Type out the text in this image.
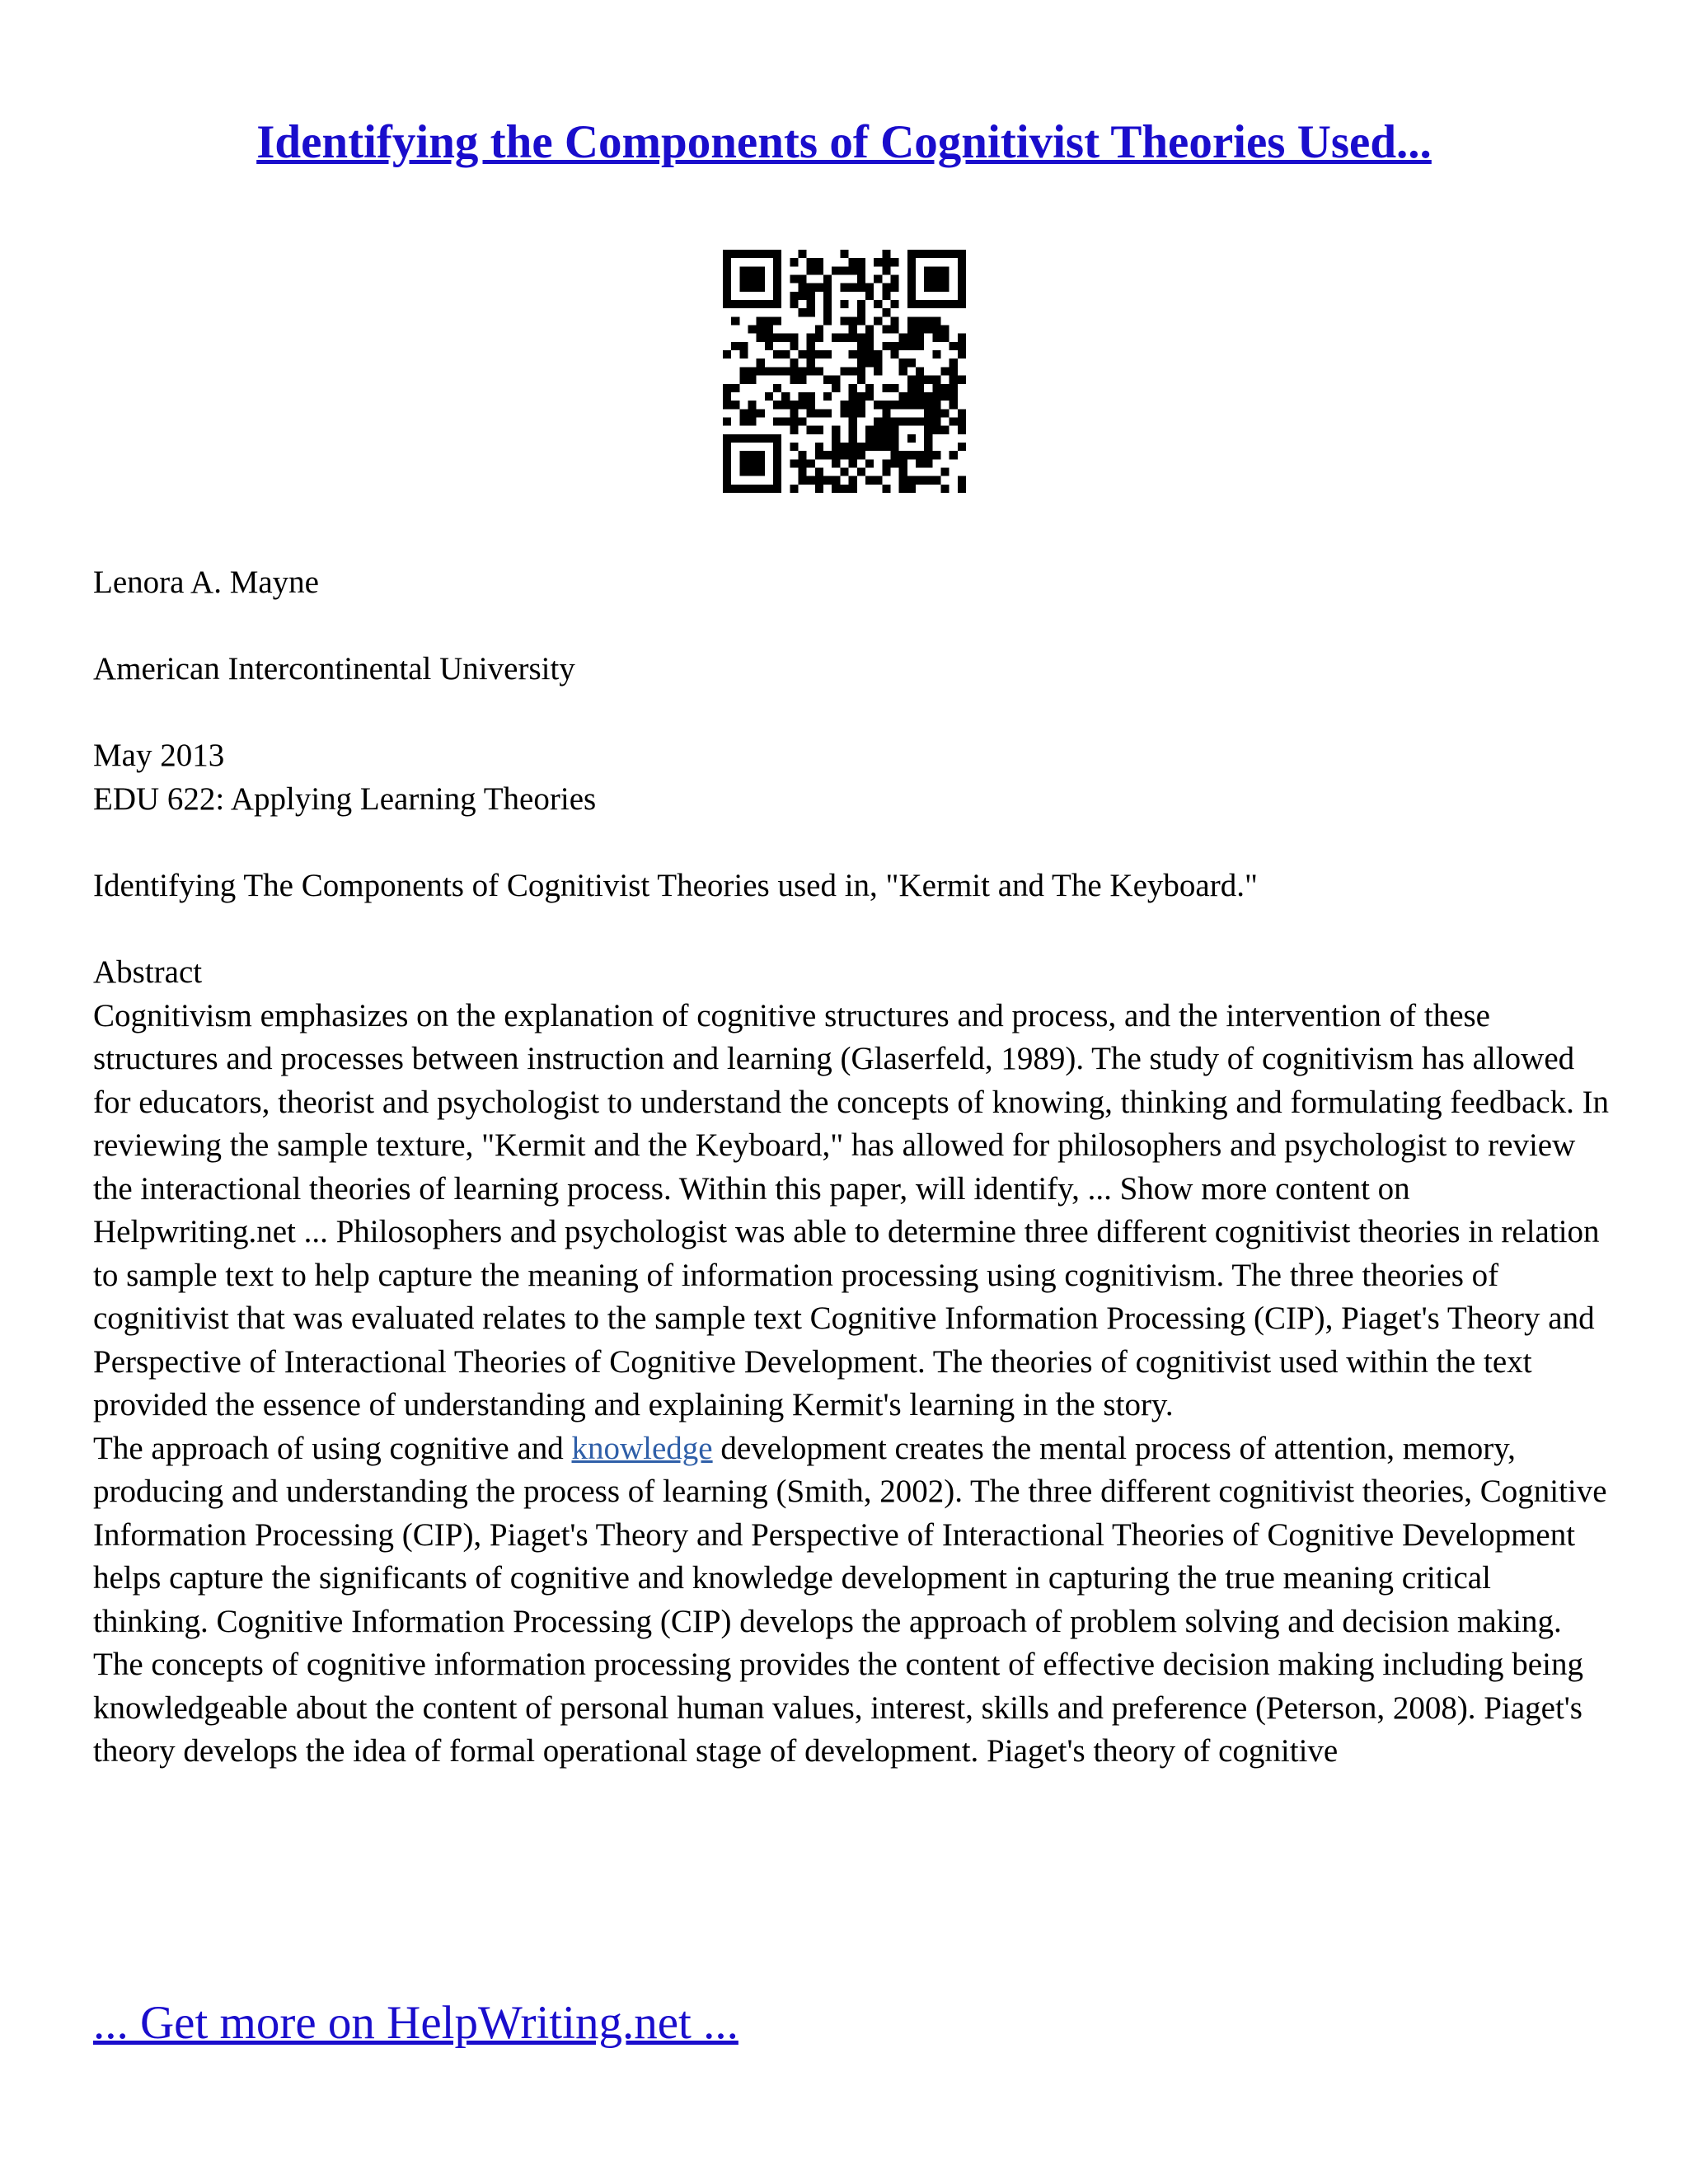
Identifying the Components of Cognitivist Theories Used...

Lenora A. Mayne

American Intercontinental University

May 2013
EDU 622: Applying Learning Theories

Identifying The Components of Cognitivist Theories used in, "Kermit and The Keyboard."

Abstract
Cognitivism emphasizes on the explanation of cognitive structures and process, and the intervention of these structures and processes between instruction and learning (Glaserfeld, 1989). The study of cognitivism has allowed for educators, theorist and psychologist to understand the concepts of knowing, thinking and formulating feedback. In reviewing the sample texture, "Kermit and the Keyboard," has allowed for philosophers and psychologist to review the interactional theories of learning process. Within this paper, will identify, ... Show more content on Helpwriting.net ... Philosophers and psychologist was able to determine three different cognitivist theories in relation to sample text to help capture the meaning of information processing using cognitivism. The three theories of cognitivist that was evaluated relates to the sample text Cognitive Information Processing (CIP), Piaget's Theory and Perspective of Interactional Theories of Cognitive Development. The theories of cognitivist used within the text provided the essence of understanding and explaining Kermit's learning in the story.
The approach of using cognitive and knowledge development creates the mental process of attention, memory, producing and understanding the process of learning (Smith, 2002). The three different cognitivist theories, Cognitive Information Processing (CIP), Piaget's Theory and Perspective of Interactional Theories of Cognitive Development helps capture the significants of cognitive and knowledge development in capturing the true meaning critical thinking. Cognitive Information Processing (CIP) develops the approach of problem solving and decision making. The concepts of cognitive information processing provides the content of effective decision making including being knowledgeable about the content of personal human values, interest, skills and preference (Peterson, 2008). Piaget's theory develops the idea of formal operational stage of development. Piaget's theory of cognitive

... Get more on HelpWriting.net ...
